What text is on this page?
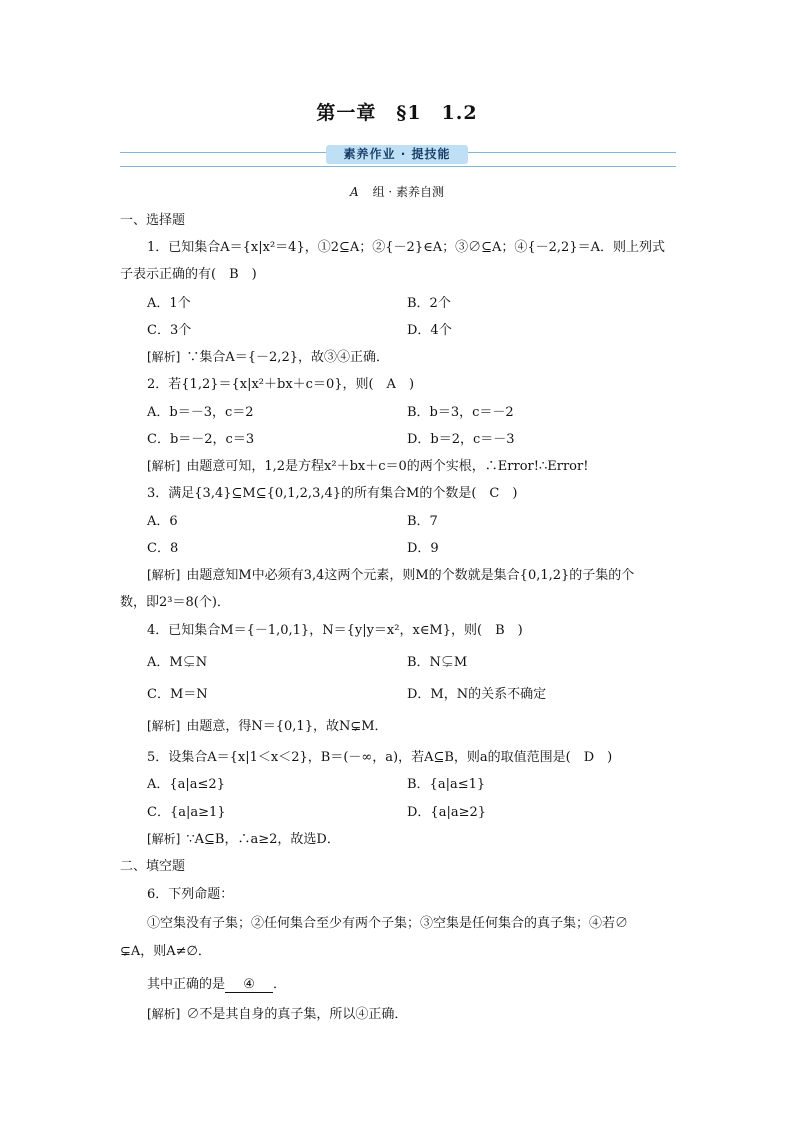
第一章　§1　1.2
素养作业 · 提技能
A 组 · 素养自测
一、选择题
1．已知集合A＝{x|x²＝4}，①2⊆A；②{－2}∈A；③∅⊆A；④{－2,2}＝A．则上列式
子表示正确的有(　B　)
A．1个	B．2个
C．3个	D．4个
[解析] ∵集合A＝{－2,2}，故③④正确．
2．若{1,2}＝{x|x²＋bx＋c＝0}，则(　A　)
A．b＝－3，c＝2	B．b＝3，c＝－2
C．b＝－2，c＝3	D．b＝2，c＝－3
[解析] 由题意可知，1,2是方程x²＋bx＋c＝0的两个实根，∴Error!∴Error!
3．满足{3,4}⊆M⊆{0,1,2,3,4}的所有集合M的个数是(　C　)
A．6	B．7
C．8	D．9
[解析] 由题意知M中必须有3,4这两个元素，则M的个数就是集合{0,1,2}的子集的个
数，即2³＝8(个)．
4．已知集合M＝{－1,0,1}，N＝{y|y＝x²，x∈M}，则(　B　)
A．M⊊N	B．N⊊M
C．M＝N	D．M，N的关系不确定
[解析] 由题意，得N＝{0,1}，故N⊊M．
5．设集合A＝{x|1＜x＜2}，B＝(－∞，a)，若A⊆B，则a的取值范围是(　D　)
A．{a|a≤2}	B．{a|a≤1}
C．{a|a≥1}	D．{a|a≥2}
[解析] ∵A⊆B，∴a≥2，故选D．
二、填空题
6．下列命题：
①空集没有子集；②任何集合至少有两个子集；③空集是任何集合的真子集；④若∅
⊊A，则A≠∅．
其中正确的是 ④ ．
[解析] ∅不是其自身的真子集，所以④正确．
